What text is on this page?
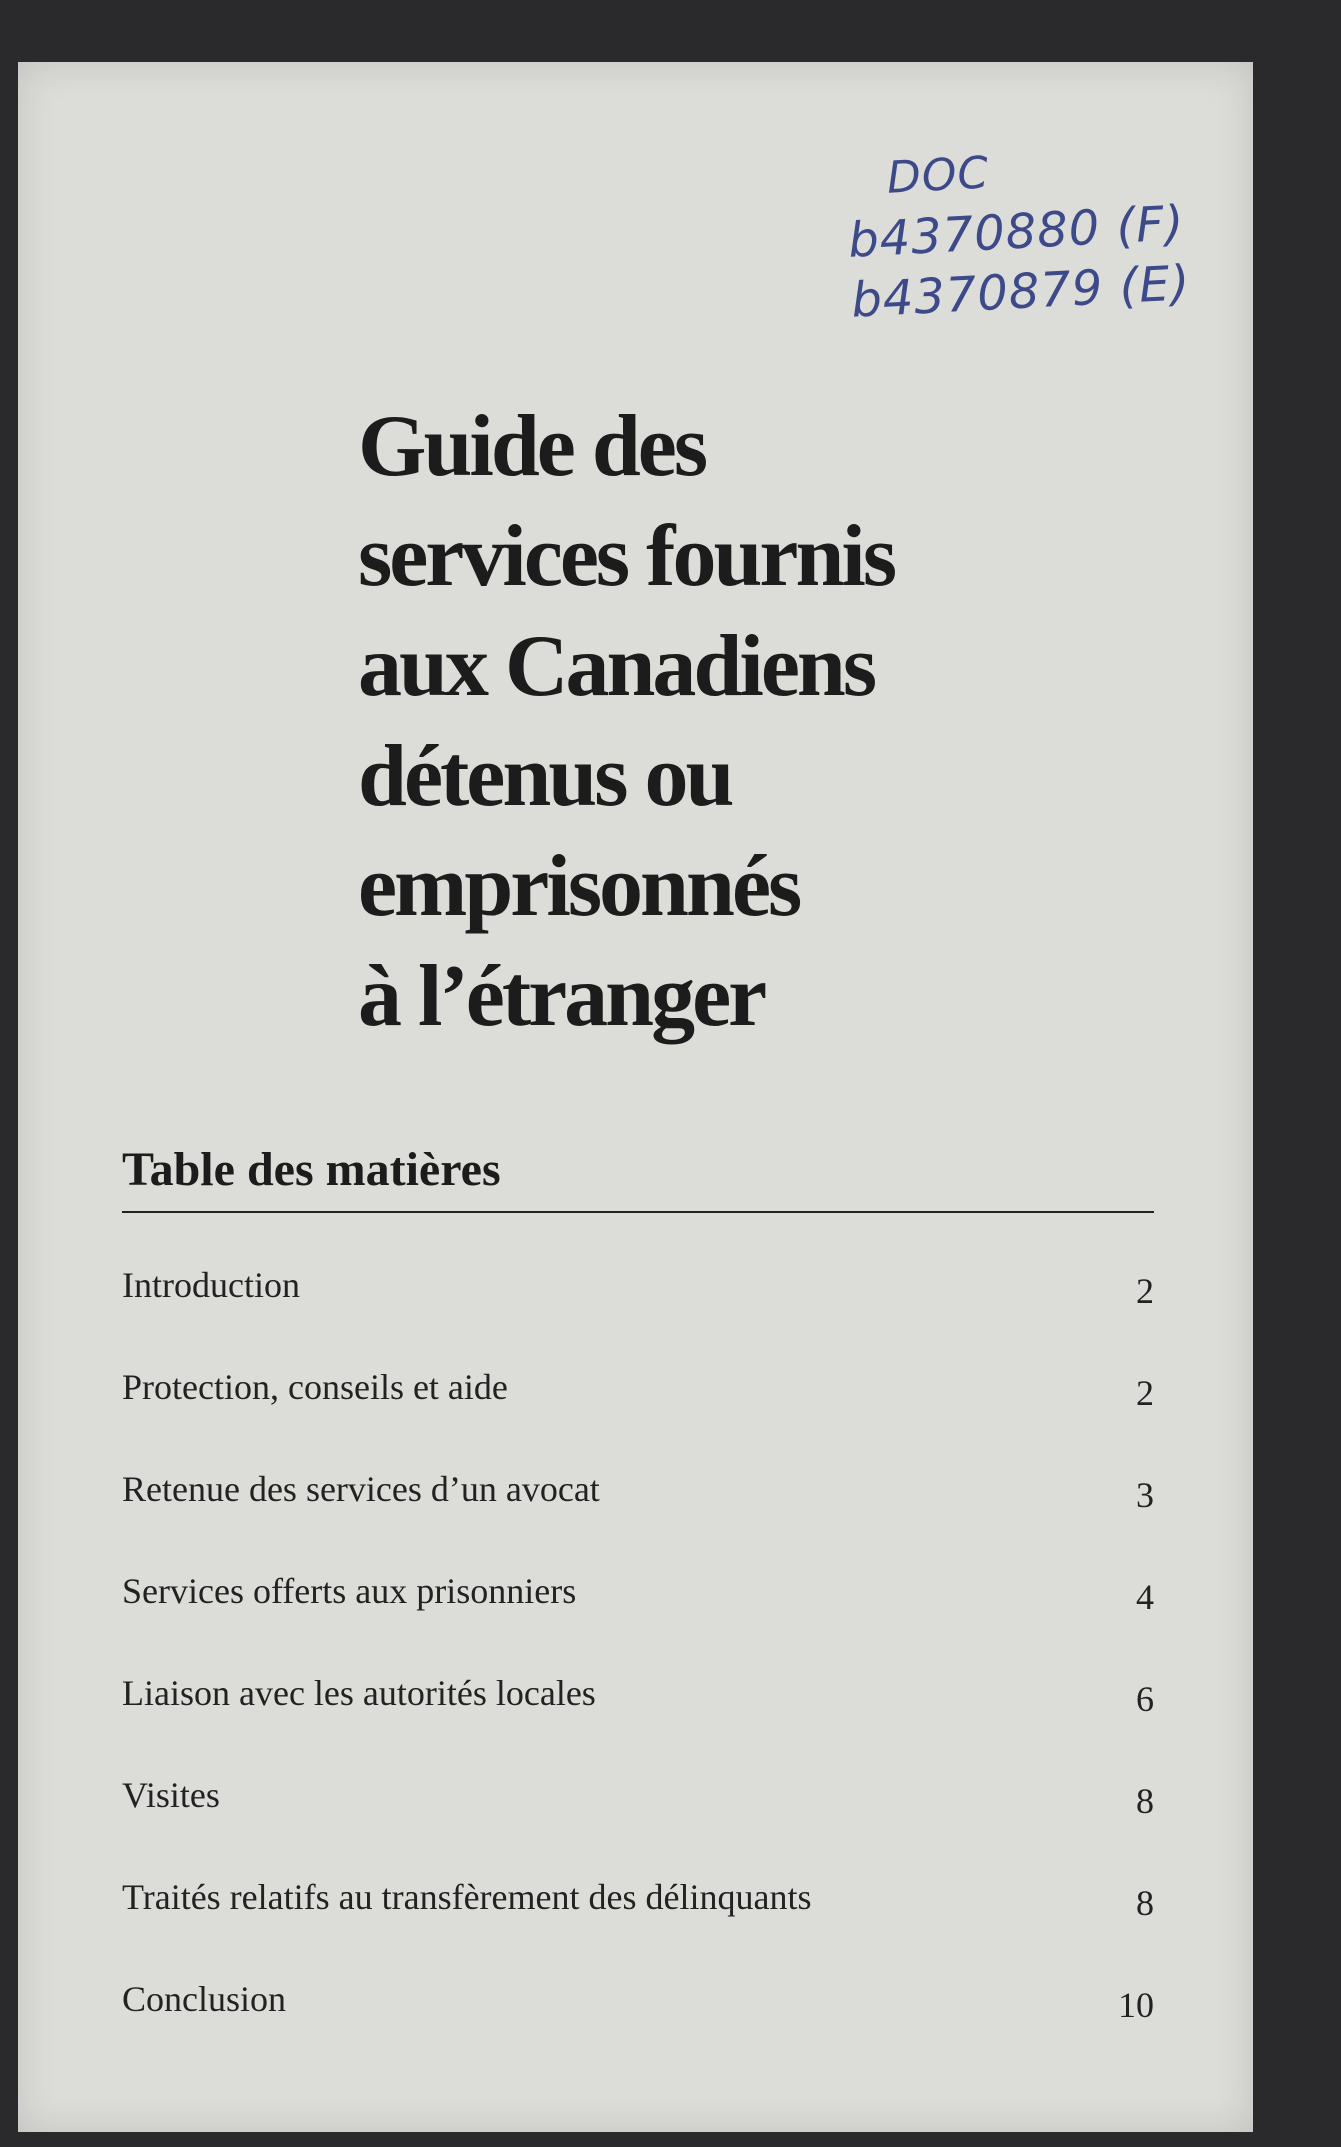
DOC
b4370880 (F)
b4370879 (E)
Guide des
services fournis
aux Canadiens
détenus ou
emprisonnés
à l’étranger
Table des matières
Introduction	2
Protection, conseils et aide	2
Retenue des services d’un avocat	3
Services offerts aux prisonniers	4
Liaison avec les autorités locales	6
Visites	8
Traités relatifs au transfèrement des délinquants	8
Conclusion	10
